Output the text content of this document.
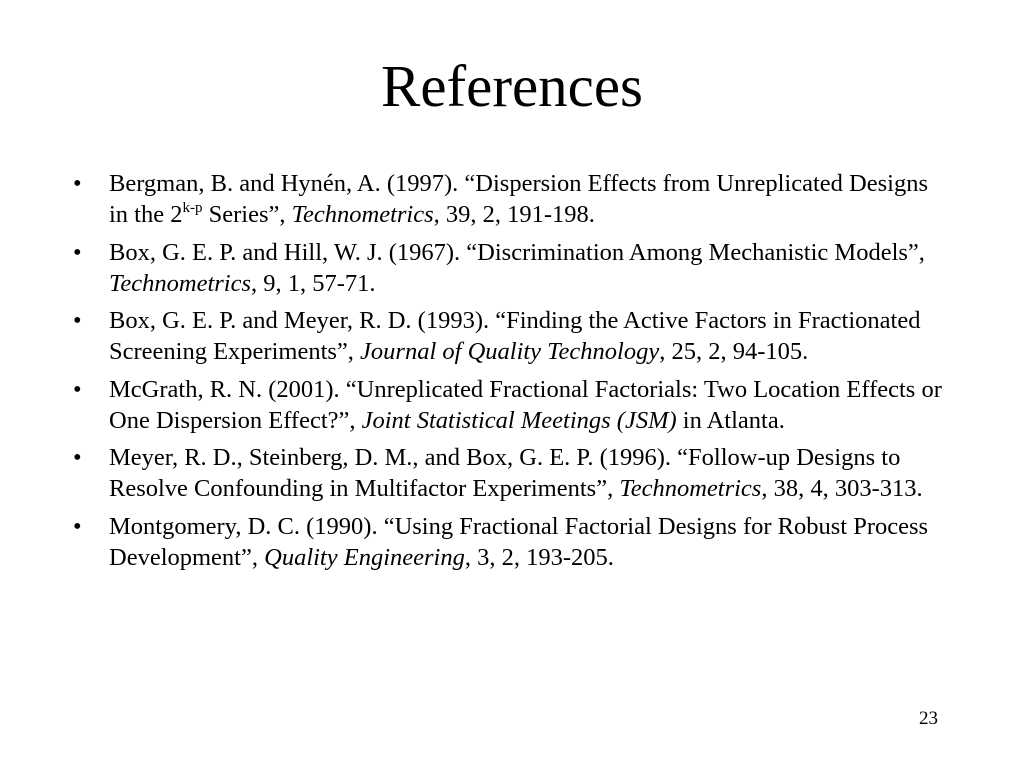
References
• Bergman, B. and Hynén, A. (1997). “Dispersion Effects from Unreplicated Designs in the 2$^{k-p}$ Series”, Technometrics, 39, 2, 191-198.
• Box, G. E. P. and Hill, W. J. (1967). “Discrimination Among Mechanistic Models”, Technometrics, 9, 1, 57-71.
• Box, G. E. P. and Meyer, R. D. (1993). “Finding the Active Factors in Fractionated Screening Experiments”, Journal of Quality Technology, 25, 2, 94-105.
• McGrath, R. N. (2001). “Unreplicated Fractional Factorials: Two Location Effects or One Dispersion Effect?”, Joint Statistical Meetings (JSM) in Atlanta.
• Meyer, R. D., Steinberg, D. M., and Box, G. E. P. (1996). “Follow-up Designs to Resolve Confounding in Multifactor Experiments”, Technometrics, 38, 4, 303-313.
• Montgomery, D. C. (1990). “Using Fractional Factorial Designs for Robust Process Development”, Quality Engineering, 3, 2, 193-205.
23
